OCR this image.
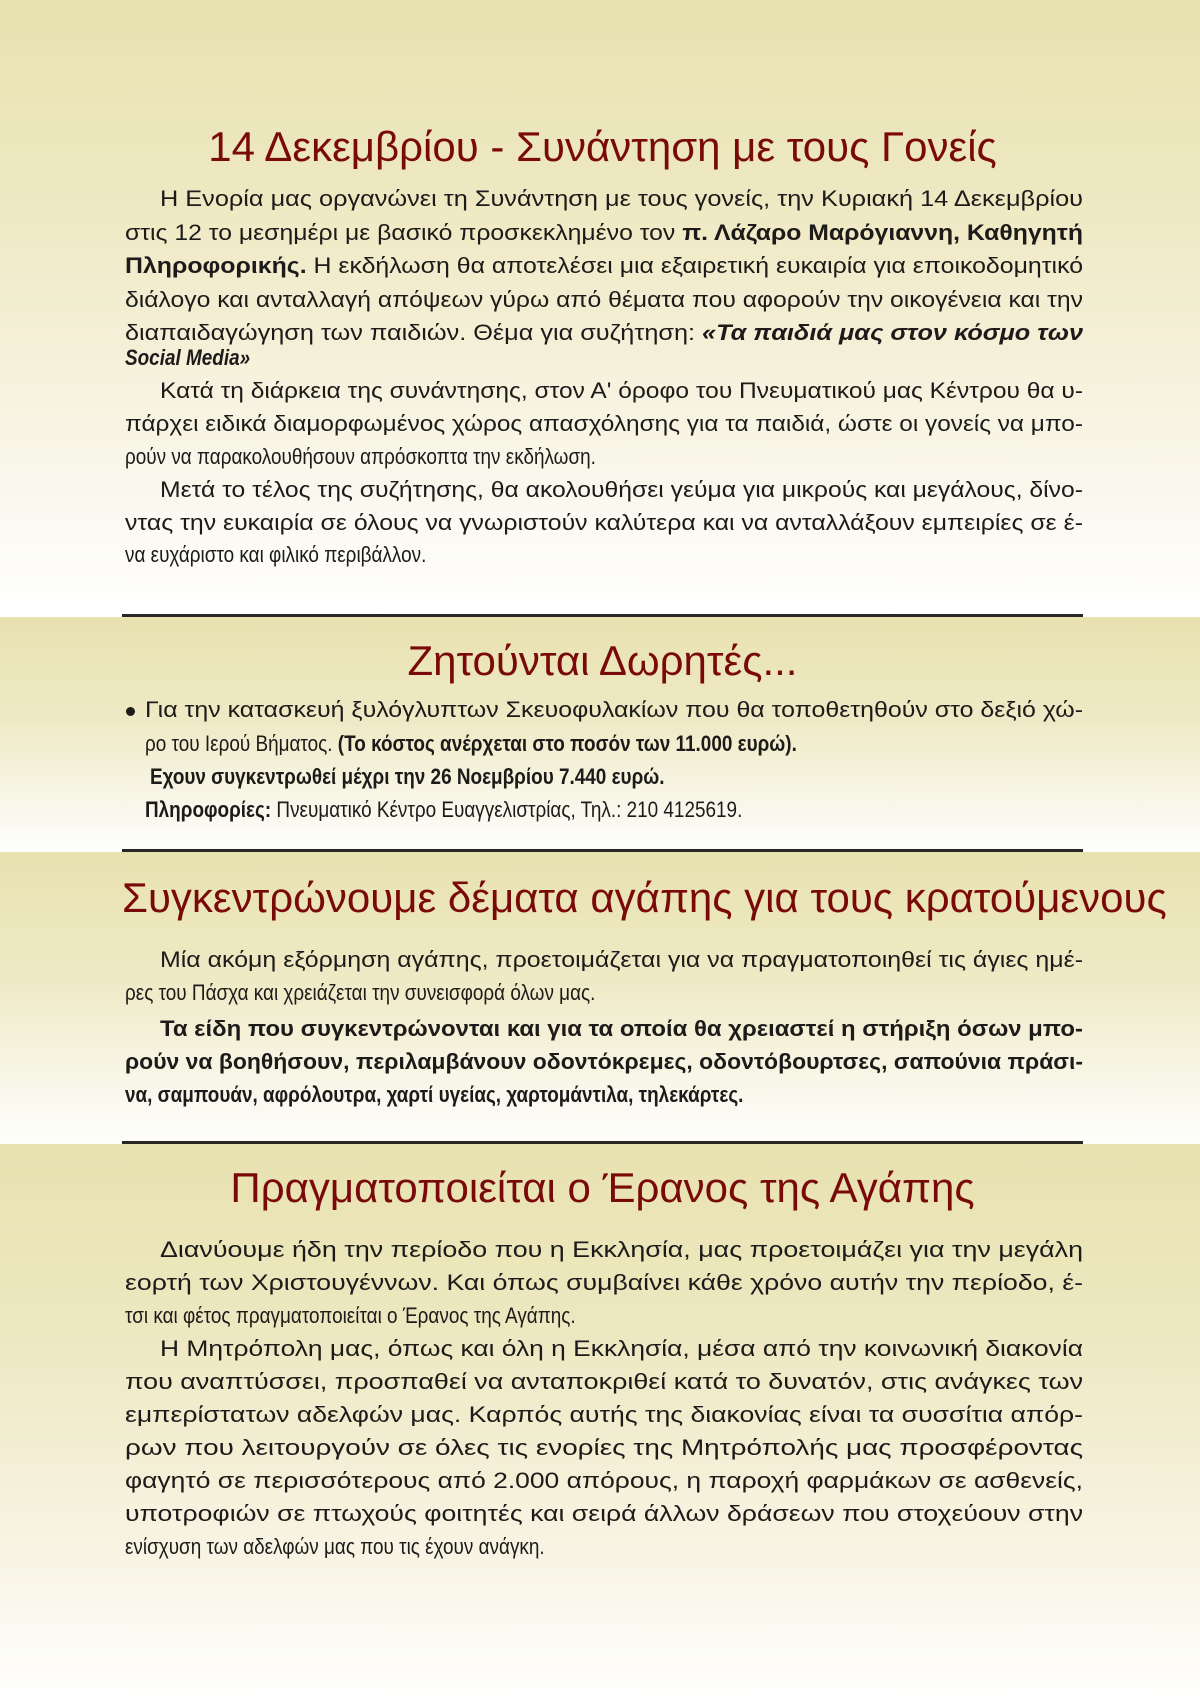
14 Δεκεμβρίου - Συνάντηση με τους Γονείς
Η Ενορία μας οργανώνει τη Συνάντηση με τους γονείς, την Κυριακή 14 Δεκεμβρίου
στις 12 το μεσημέρι με βασικό προσκεκλημένο τον π. Λάζαρο Μαρόγιαννη, Καθηγητή
Πληροφορικής. Η εκδήλωση θα αποτελέσει μια εξαιρετική ευκαιρία για εποικοδομητικό
διάλογο και ανταλλαγή απόψεων γύρω από θέματα που αφορούν την οικογένεια και την
διαπαιδαγώγηση των παιδιών. Θέμα για συζήτηση: «Τα παιδιά μας στον κόσμο των
Social Media»
Κατά τη διάρκεια της συνάντησης, στον Α' όροφο του Πνευματικού μας Κέντρου θα υ-
πάρχει ειδικά διαμορφωμένος χώρος απασχόλησης για τα παιδιά, ώστε οι γονείς να μπο-
ρούν να παρακολουθήσουν απρόσκοπτα την εκδήλωση.
Μετά το τέλος της συζήτησης, θα ακολουθήσει γεύμα για μικρούς και μεγάλους, δίνο-
ντας την ευκαιρία σε όλους να γνωριστούν καλύτερα και να ανταλλάξουν εμπειρίες σε έ-
να ευχάριστο και φιλικό περιβάλλον.
Ζητούνται Δωρητές...
Για την κατασκευή ξυλόγλυπτων Σκευοφυλακίων που θα τοποθετηθούν στο δεξιό χώ-
ρο του Ιερού Βήματος. (Το κόστος ανέρχεται στο ποσόν των 11.000 ευρώ).
Εχουν συγκεντρωθεί μέχρι την 26 Νοεμβρίου 7.440 ευρώ.
Πληροφορίες: Πνευματικό Κέντρο Ευαγγελιστρίας, Τηλ.: 210 4125619.
Συγκεντρώνουμε δέματα αγάπης για τους κρατούμενους
Μία ακόμη εξόρμηση αγάπης, προετοιμάζεται για να πραγματοποιηθεί τις άγιες ημέ-
ρες του Πάσχα και χρειάζεται την συνεισφορά όλων μας.
Τα είδη που συγκεντρώνονται και για τα οποία θα χρειαστεί η στήριξη όσων μπο-
ρούν να βοηθήσουν, περιλαμβάνουν οδοντόκρεμες, οδοντόβουρτσες, σαπούνια πράσι-
να, σαμπουάν, αφρόλουτρα, χαρτί υγείας, χαρτομάντιλα, τηλεκάρτες.
Πραγματοποιείται ο Έρανος της Αγάπης
Διανύουμε ήδη την περίοδο που η Εκκλησία, μας προετοιμάζει για την μεγάλη
εορτή των Χριστουγέννων. Και όπως συμβαίνει κάθε χρόνο αυτήν την περίοδο, έ-
τσι και φέτος πραγματοποιείται ο Έρανος της Αγάπης.
Η Μητρόπολη μας, όπως και όλη η Εκκλησία, μέσα από την κοινωνική διακονία
που αναπτύσσει, προσπαθεί να ανταποκριθεί κατά το δυνατόν, στις ανάγκες των
εμπερίστατων αδελφών μας. Καρπός αυτής της διακονίας είναι τα συσσίτια απόρ-
ρων που λειτουργούν σε όλες τις ενορίες της Μητρόπολής μας προσφέροντας
φαγητό σε περισσότερους από 2.000 απόρους, η παροχή φαρμάκων σε ασθενείς,
υποτροφιών σε πτωχούς φοιτητές και σειρά άλλων δράσεων που στοχεύουν στην
ενίσχυση των αδελφών μας που τις έχουν ανάγκη.
